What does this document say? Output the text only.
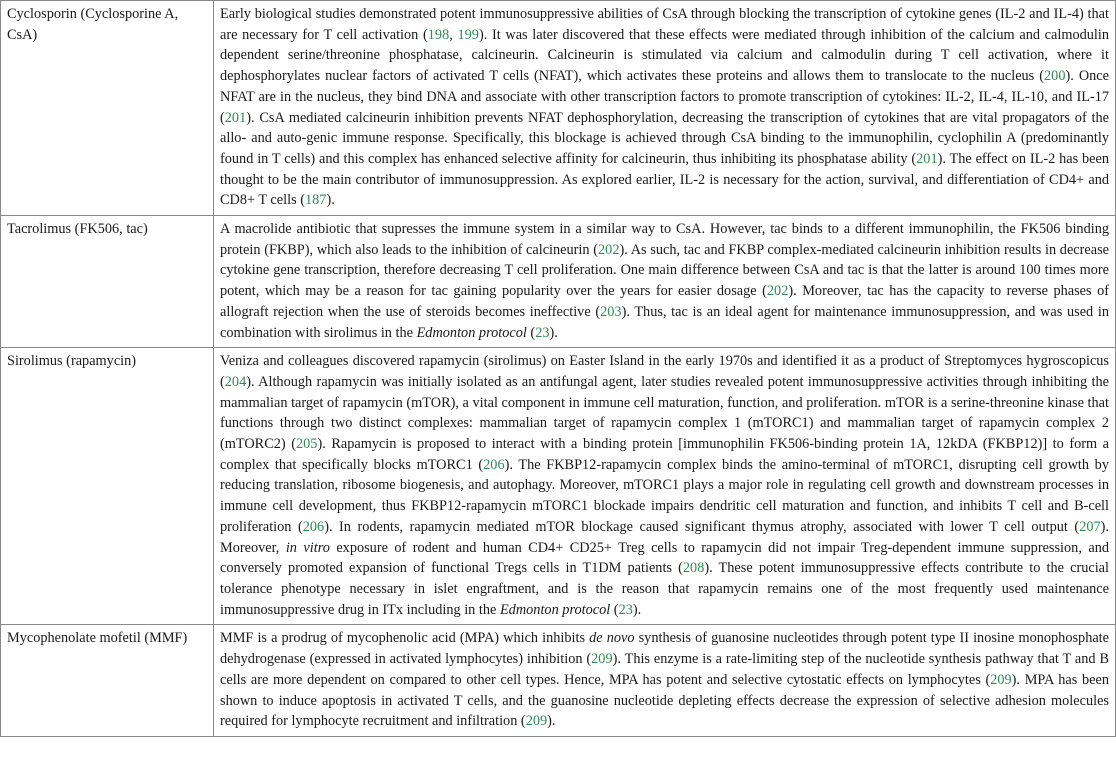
Cyclosporin (Cyclosporine A, CsA)	Early biological studies demonstrated potent immunosuppressive abilities of CsA through blocking the transcription of cytokine genes (IL-2 and IL-4) that are necessary for T cell activation (198, 199). It was later discovered that these effects were mediated through inhibition of the calcium and calmodulin dependent serine/threonine phosphatase, calcineurin. Calcineurin is stimulated via calcium and calmodulin during T cell activation, where it dephosphorylates nuclear factors of activated T cells (NFAT), which activates these proteins and allows them to translocate to the nucleus (200). Once NFAT are in the nucleus, they bind DNA and associate with other transcription factors to promote transcription of cytokines: IL-2, IL-4, IL-10, and IL-17 (201). CsA mediated calcineurin inhibition prevents NFAT dephosphorylation, decreasing the transcription of cytokines that are vital propagators of the allo- and auto-genic immune response. Specifically, this blockage is achieved through CsA binding to the immunophilin, cyclophilin A (predominantly found in T cells) and this complex has enhanced selective affinity for calcineurin, thus inhibiting its phosphatase ability (201). The effect on IL-2 has been thought to be the main contributor of immunosuppression. As explored earlier, IL-2 is necessary for the action, survival, and differentiation of CD4+ and CD8+ T cells (187).
Tacrolimus (FK506, tac)	A macrolide antibiotic that supresses the immune system in a similar way to CsA. However, tac binds to a different immunophilin, the FK506 binding protein (FKBP), which also leads to the inhibition of calcineurin (202). As such, tac and FKBP complex-mediated calcineurin inhibition results in decrease cytokine gene transcription, therefore decreasing T cell proliferation. One main difference between CsA and tac is that the latter is around 100 times more potent, which may be a reason for tac gaining popularity over the years for easier dosage (202). Moreover, tac has the capacity to reverse phases of allograft rejection when the use of steroids becomes ineffective (203). Thus, tac is an ideal agent for maintenance immunosuppression, and was used in combination with sirolimus in the Edmonton protocol (23).
Sirolimus (rapamycin)	Veniza and colleagues discovered rapamycin (sirolimus) on Easter Island in the early 1970s and identified it as a product of Streptomyces hygroscopicus (204). Although rapamycin was initially isolated as an antifungal agent, later studies revealed potent immunosuppressive activities through inhibiting the mammalian target of rapamycin (mTOR), a vital component in immune cell maturation, function, and proliferation. mTOR is a serine-threonine kinase that functions through two distinct complexes: mammalian target of rapamycin complex 1 (mTORC1) and mammalian target of rapamycin complex 2 (mTORC2) (205). Rapamycin is proposed to interact with a binding protein [immunophilin FK506-binding protein 1A, 12kDA (FKBP12)] to form a complex that specifically blocks mTORC1 (206). The FKBP12-rapamycin complex binds the amino-terminal of mTORC1, disrupting cell growth by reducing translation, ribosome biogenesis, and autophagy. Moreover, mTORC1 plays a major role in regulating cell growth and downstream processes in immune cell development, thus FKBP12-rapamycin mTORC1 blockade impairs dendritic cell maturation and function, and inhibits T cell and B-cell proliferation (206). In rodents, rapamycin mediated mTOR blockage caused significant thymus atrophy, associated with lower T cell output (207). Moreover, in vitro exposure of rodent and human CD4+ CD25+ Treg cells to rapamycin did not impair Treg-dependent immune suppression, and conversely promoted expansion of functional Tregs cells in T1DM patients (208). These potent immunosuppressive effects contribute to the crucial tolerance phenotype necessary in islet engraftment, and is the reason that rapamycin remains one of the most frequently used maintenance immunosuppressive drug in ITx including in the Edmonton protocol (23).
Mycophenolate mofetil (MMF)	MMF is a prodrug of mycophenolic acid (MPA) which inhibits de novo synthesis of guanosine nucleotides through potent type II inosine monophosphate dehydrogenase (expressed in activated lymphocytes) inhibition (209). This enzyme is a rate-limiting step of the nucleotide synthesis pathway that T and B cells are more dependent on compared to other cell types. Hence, MPA has potent and selective cytostatic effects on lymphocytes (209). MPA has been shown to induce apoptosis in activated T cells, and the guanosine nucleotide depleting effects decrease the expression of selective adhesion molecules required for lymphocyte recruitment and infiltration (209).
